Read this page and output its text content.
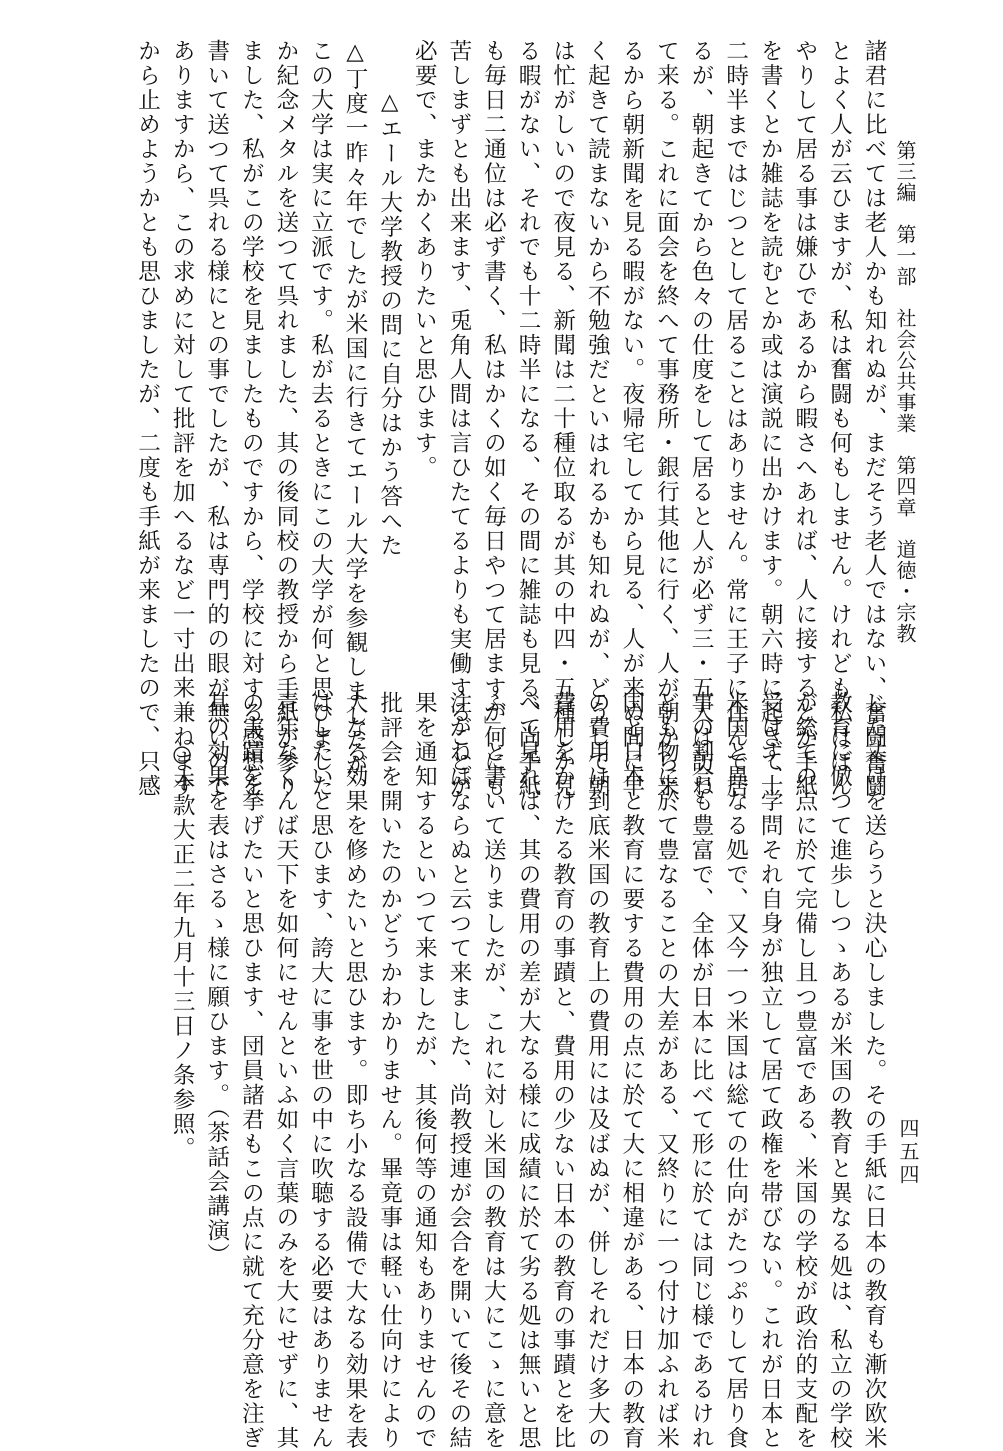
第三編　第一部　社会公共事業　第四章　道徳・宗教
四五四
諸君に比べては老人かも知れぬが、まだそう老人ではない、奮闘奮闘
とよく人が云ひますが、私は奮闘も何もしません。けれども私はぼん
やりして居る事は嫌ひであるから暇さへあれば、人に接するとか手紙
を書くとか雑誌を読むとか或は演説に出かけます。朝六時に起きて十
二時半まではじつとして居ることはありません。常に王子に住んで居
るが、朝起きてから色々の仕度をして居ると人が必ず三・五人は訪ね
て来る。これに面会を終へて事務所・銀行其他に行く、人が朝から来
るから朝新聞を見る暇がない。夜帰宅してから見る、人が来ぬ間に早
く起きて読まないから不勉強だといはれるかも知れぬが、どうして朝
は忙がしいので夜見る、新聞は二十種位取るが其の中四・五種しか見
る暇がない、それでも十二時半になる、その間に雑誌も見る、尚手紙
も毎日二通位は必ず書く、私はかくの如く毎日やつて居ますが何にも
苦しまずとも出来ます、兎角人間は言ひたてるよりも実働することが
必要で、またかくありたいと思ひます。
△エール大学教授の問に自分はかう答へた
△丁度一昨々年でしたが米国に行きてエール大学を参観しましたが、
この大学は実に立派です。私が去るときにこの大学が何と思ひました
か紀念メタルを送つて呉れました、其の後同校の教授から手紙が参り
ました、私がこの学校を見ましたものですから、学校に対する感想を
書いて送つて呉れる様にとの事でしたが、私は専門的の眼が無いので
ありますから、この求めに対して批評を加へるなど一寸出来兼ねます
から止めようかとも思ひましたが、二度も手紙が来ましたので、只感
じた丈けを送らうと決心しました。その手紙に日本の教育も漸次欧米
教育に倣つて進歩しつゝあるが米国の教育と異なる処は、私立の学校
が総ての点に於て完備し且つ豊富である、米国の学校が政治的支配を
受けず、学問それ自身が独立して居て政権を帯びない。これが日本と
米国と異なる処で、又今一つ米国は総ての仕向がたつぷりして居り食
事の割合も豊富で、全体が日本に比べて形に於ては同じ様であるけれ
ども物に於て豊なることの大差がある、又終りに一つ付け加ふれば米
国と日本と教育に要する費用の点に於て大に相違がある、日本の教育
の費用は到底米国の教育上の費用には及ばぬが、併しそれだけ多大の
費用をかけたる教育の事蹟と、費用の少ない日本の教育の事蹟とを比
べて見れば、其の費用の差が大なる様に成績に於て劣る処は無いと思
ふ」と書いて送りましたが、これに対し米国の教育は大にこゝに意を
注がねばならぬと云つて来ました、尚教授連が会合を開いて後その結
果を通知するといつて来ましたが、其後何等の通知もありませんので
批評会を開いたのかどうかわかりません。畢竟事は軽い仕向けにより
大なる効果を修めたいと思ひます。即ち小なる設備で大なる効果を表
はしたいと思ひます、誇大に事を世の中に吹聴する必要はありません
青年なくんば天下を如何にせんといふ如く言葉のみを大にせずに、其
の実蹟を挙げたいと思ひます、団員諸君もこの点に就て充分意を注ぎ
其の効果を表はさるゝ様に願ひます。（茶話会講演）
○本款大正二年九月十三日ノ条参照。
